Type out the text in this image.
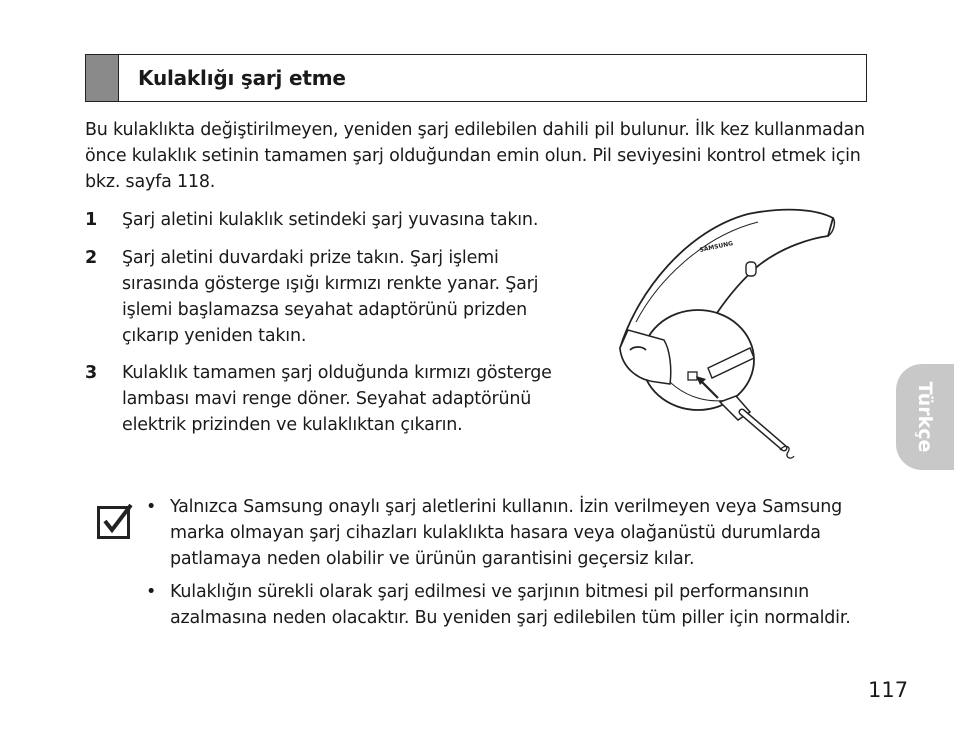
Kulaklığı şarj etme
Bu kulaklıkta değiştirilmeyen, yeniden şarj edilebilen dahili pil bulunur. İlk kez kullanmadan önce kulaklık setinin tamamen şarj olduğundan emin olun. Pil seviyesini kontrol etmek için bkz. sayfa 118.
1 Şarj aletini kulaklık setindeki şarj yuvasına takın.
2 Şarj aletini duvardaki prize takın. Şarj işlemi sırasında gösterge ışığı kırmızı renkte yanar. Şarj işlemi başlamazsa seyahat adaptörünü prizden çıkarıp yeniden takın.
3 Kulaklık tamamen şarj olduğunda kırmızı gösterge lambası mavi renge döner. Seyahat adaptörünü elektrik prizinden ve kulaklıktan çıkarın.
SAMSUNG
Türkçe
• Yalnızca Samsung onaylı şarj aletlerini kullanın. İzin verilmeyen veya Samsung marka olmayan şarj cihazları kulaklıkta hasara veya olağanüstü durumlarda patlamaya neden olabilir ve ürünün garantisini geçersiz kılar.
• Kulaklığın sürekli olarak şarj edilmesi ve şarjının bitmesi pil performansının azalmasına neden olacaktır. Bu yeniden şarj edilebilen tüm piller için normaldir.
117
